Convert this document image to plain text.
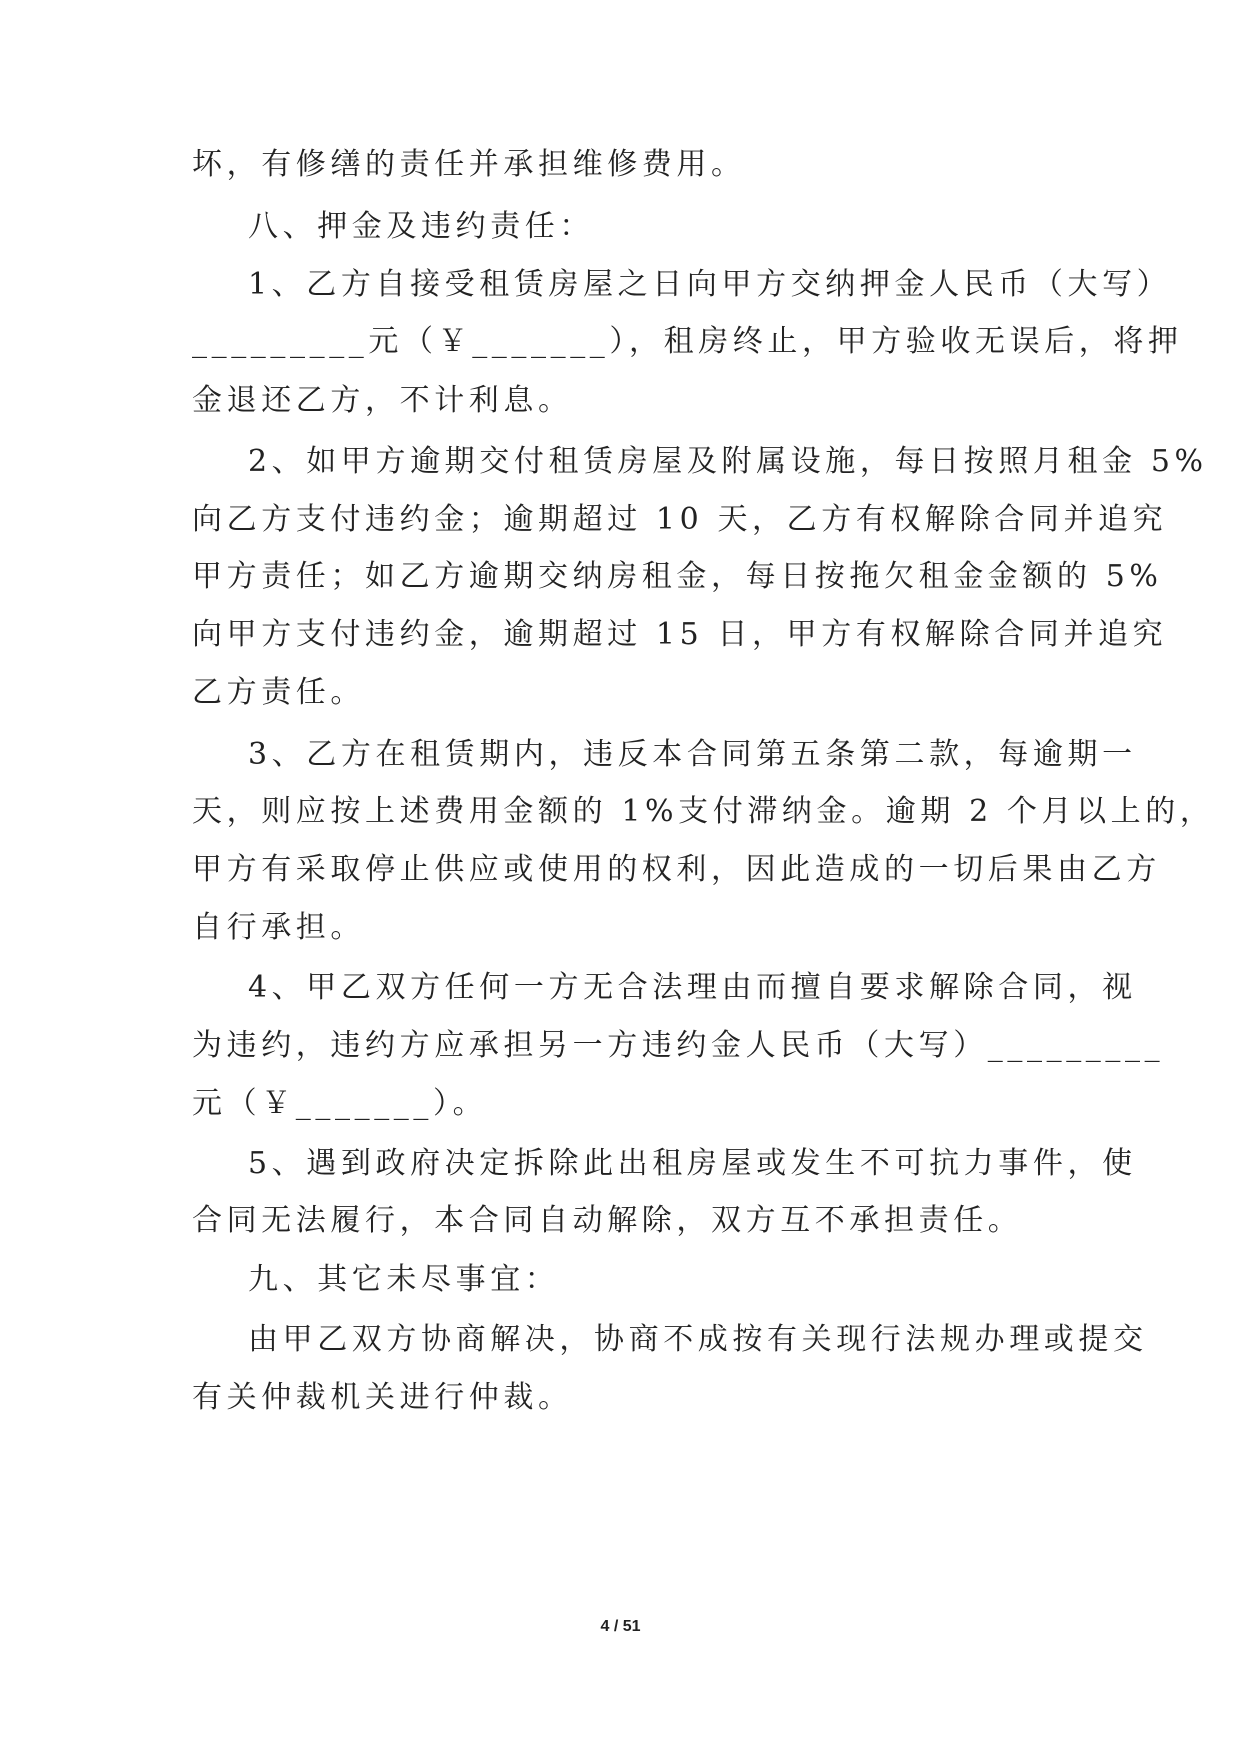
坏，有修缮的责任并承担维修费用。
八、押金及违约责任：
1、乙方自接受租赁房屋之日向甲方交纳押金人民币（大写）
_________元（￥_______），租房终止，甲方验收无误后，将押
金退还乙方，不计利息。
2、如甲方逾期交付租赁房屋及附属设施，每日按照月租金 5%
向乙方支付违约金；逾期超过 10 天，乙方有权解除合同并追究
甲方责任；如乙方逾期交纳房租金，每日按拖欠租金金额的 5%
向甲方支付违约金，逾期超过 15 日，甲方有权解除合同并追究
乙方责任。
3、乙方在租赁期内，违反本合同第五条第二款，每逾期一
天，则应按上述费用金额的 1%支付滞纳金。逾期 2 个月以上的，
甲方有采取停止供应或使用的权利，因此造成的一切后果由乙方
自行承担。
4、甲乙双方任何一方无合法理由而擅自要求解除合同，视
为违约，违约方应承担另一方违约金人民币（大写）_________
元（￥_______）。
5、遇到政府决定拆除此出租房屋或发生不可抗力事件，使
合同无法履行，本合同自动解除，双方互不承担责任。
九、其它未尽事宜：
由甲乙双方协商解决，协商不成按有关现行法规办理或提交
有关仲裁机关进行仲裁。
4 / 51
